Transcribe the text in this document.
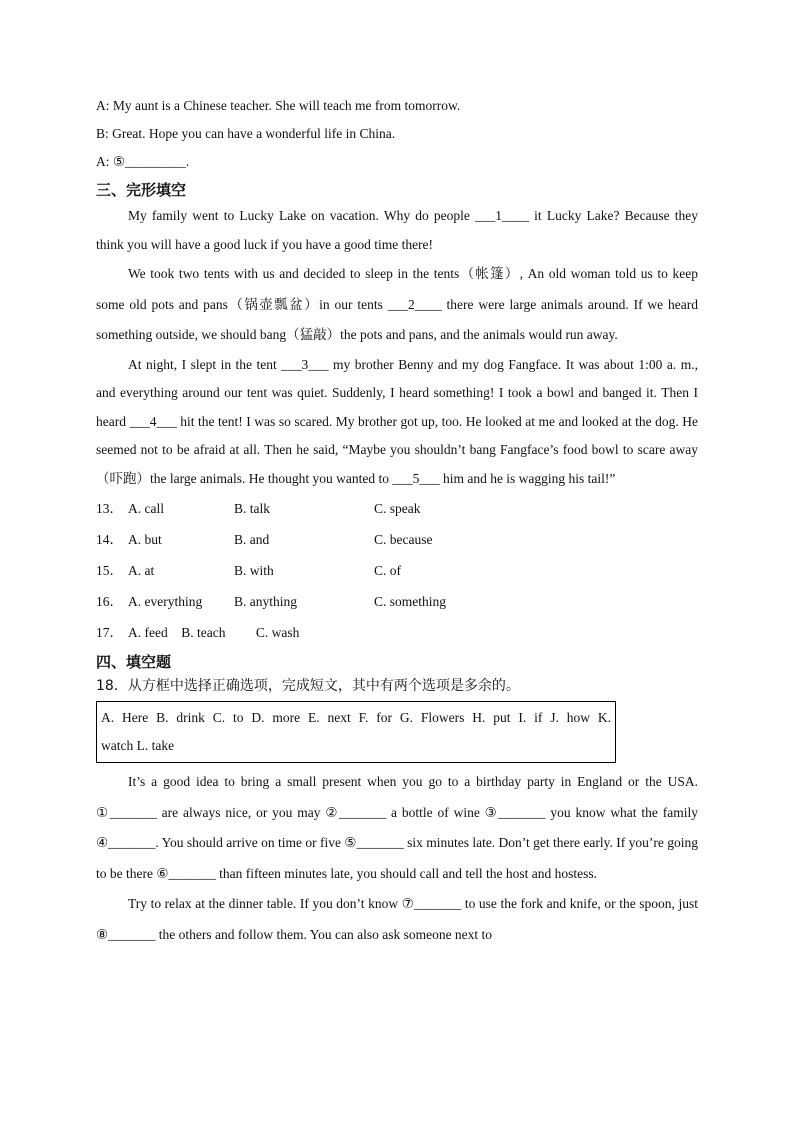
A: My aunt is a Chinese teacher. She will teach me from tomorrow.
B: Great. Hope you can have a wonderful life in China.
A: ⑤_________.
三、完形填空
My family went to Lucky Lake on vacation. Why do people ___1____ it Lucky Lake? Because they think you will have a good luck if you have a good time there!
We took two tents with us and decided to sleep in the tents（帐篷）, An old woman told us to keep some old pots and pans（锅壶瓢盆）in our tents ___2____ there were large animals around. If we heard something outside, we should bang（猛敲）the pots and pans, and the animals would run away.
At night, I slept in the tent ___3___ my brother Benny and my dog Fangface. It was about 1:00 a. m., and everything around our tent was quiet. Suddenly, I heard something! I took a bowl and banged it. Then I heard ___4___ hit the tent! I was so scared. My brother got up, too. He looked at me and looked at the dog. He seemed not to be afraid at all. Then he said, “Maybe you shouldn’t bang Fangface’s food bowl to scare away（吓跑）the large animals. He thought you wanted to ___5___ him and he is wagging his tail!”
13． A. call	B. talk	C. speak
14． A. but	B. and	C. because
15． A. at	B. with	C. of
16． A. everything	B. anything	C. something
17． A. feed    B. teach         C. wash
四、填空题
18．从方框中选择正确选项，完成短文，其中有两个选项是多余的。
A. Here B. drink C. to D. more E. next F. for G. Flowers H. put I. if J. how K.
watch L. take
It’s a good idea to bring a small present when you go to a birthday party in England or the USA. ①_______ are always nice, or you may ②_______ a bottle of wine ③_______ you know what the family ④_______. You should arrive on time or five ⑤_______ six minutes late. Don’t get there early. If you’re going to be there ⑥_______ than fifteen minutes late, you should call and tell the host and hostess.
Try to relax at the dinner table. If you don’t know ⑦_______ to use the fork and knife, or the spoon, just ⑧_______ the others and follow them. You can also ask someone next to
